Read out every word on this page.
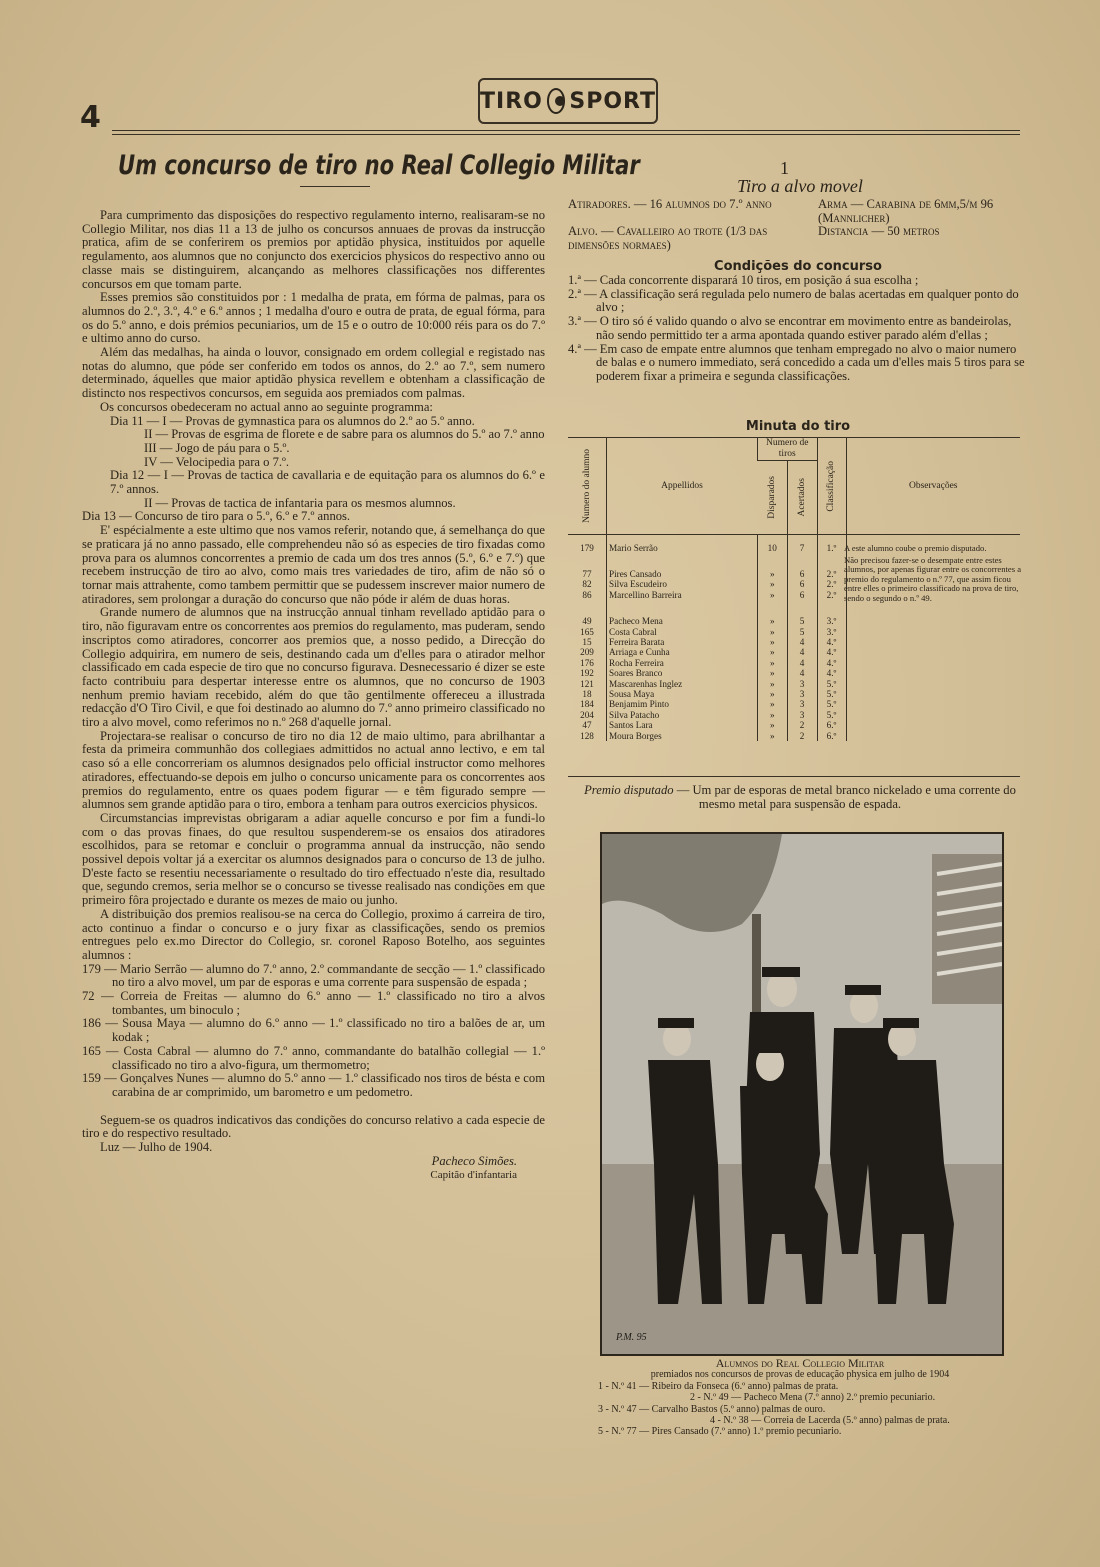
TIRO SPORT
4
Um concurso de tiro no Real Collegio Militar

Para cumprimento das disposições do respectivo regulamento interno, realisaram-se no Collegio Militar, nos dias 11 a 13 de julho os concursos annuaes de provas da instrucção pratica, afim de se conferirem os premios por aptidão physica, instituidos por aquelle regulamento, aos alumnos que no conjuncto dos exercicios physicos do respectivo anno ou classe mais se distinguirem, alcançando as melhores classificações nos differentes concursos em que tomam parte.

Esses premios são constituidos por : 1 medalha de prata, em fórma de palmas, para os alumnos do 2.º, 3.º, 4.º e 6.º annos ; 1 medalha d'ouro e outra de prata, de egual fórma, para os do 5.º anno, e dois prémios pecuniarios, um de 15 e o outro de 10:000 réis para os do 7.º e ultimo anno do curso.

Além das medalhas, ha ainda o louvor, consignado em ordem collegial e registado nas notas do alumno, que póde ser conferido em todos os annos, do 2.º ao 7.º, sem numero determinado, áquelles que maior aptidão physica revellem e obtenham a classificação de distincto nos respectivos concursos, em seguida aos premiados com palmas.

Os concursos obedeceram no actual anno ao seguinte programma:

Dia 11 — I — Provas de gymnastica para os alumnos do 2.º ao 5.º anno.

II — Provas de esgrima de florete e de sabre para os alumnos do 5.º ao 7.º anno

III — Jogo de páu para o 5.º.

IV — Velocipedia para o 7.º.

Dia 12 — I — Provas de tactica de cavallaria e de equitação para os alumnos do 6.º e 7.º annos.

II — Provas de tactica de infantaria para os mesmos alumnos.

Dia 13 — Concurso de tiro para o 5.º, 6.º e 7.º annos.

E' espécialmente a este ultimo que nos vamos referir, notando que, á semelhança do que se praticara já no anno passado, elle comprehendeu não só as especies de tiro fixadas como prova para os alumnos concorrentes a premio de cada um dos tres annos (5.º, 6.º e 7.º) que recebem instrucção de tiro ao alvo, como mais tres variedades de tiro, afim de não só o tornar mais attrahente, como tambem permittir que se pudessem inscrever maior numero de atiradores, sem prolongar a duração do concurso que não póde ir além de duas horas.

Grande numero de alumnos que na instrucção annual tinham revellado aptidão para o tiro, não figuravam entre os concorrentes aos premios do regulamento, mas puderam, sendo inscriptos como atiradores, concorrer aos premios que, a nosso pedido, a Direcção do Collegio adquirira, em numero de seis, destinando cada um d'elles para o atirador melhor classificado em cada especie de tiro que no concurso figurava. Desnecessario é dizer se este facto contribuiu para despertar interesse entre os alumnos, que no concurso de 1903 nenhum premio haviam recebido, além do que tão gentilmente offereceu a illustrada redacção d'O Tiro Civil, e que foi destinado ao alumno do 7.º anno primeiro classificado no tiro a alvo movel, como referimos no n.º 268 d'aquelle jornal.

Projectara-se realisar o concurso de tiro no dia 12 de maio ultimo, para abrilhantar a festa da primeira communhão dos collegiaes admittidos no actual anno lectivo, e em tal caso só a elle concorreriam os alumnos designados pelo official instructor como melhores atiradores, effectuando-se depois em julho o concurso unicamente para os concorrentes aos premios do regulamento, entre os quaes podem figurar — e têm figurado sempre — alumnos sem grande aptidão para o tiro, embora a tenham para outros exercicios physicos.

Circumstancias imprevistas obrigaram a adiar aquelle concurso e por fim a fundi-lo com o das provas finaes, do que resultou suspenderem-se os ensaios dos atiradores escolhidos, para se retomar e concluir o programma annual da instrucção, não sendo possivel depois voltar já a exercitar os alumnos designados para o concurso de 13 de julho. D'este facto se resentiu necessariamente o resultado do tiro effectuado n'este dia, resultado que, segundo cremos, seria melhor se o concurso se tivesse realisado nas condições em que primeiro fôra projectado e durante os mezes de maio ou junho.

A distribuição dos premios realisou-se na cerca do Collegio, proximo á carreira de tiro, acto continuo a findar o concurso e o jury fixar as classificações, sendo os premios entregues pelo ex.mo Director do Collegio, sr. coronel Raposo Botelho, aos seguintes alumnos :

179 — Mario Serrão — alumno do 7.º anno, 2.º commandante de secção — 1.º classificado no tiro a alvo movel, um par de esporas e uma corrente para suspensão de espada ;

72 — Correia de Freitas — alumno do 6.º anno — 1.º classificado no tiro a alvos tombantes, um binoculo ;

186 — Sousa Maya — alumno do 6.º anno — 1.º classificado no tiro a balões de ar, um kodak ;

165 — Costa Cabral — alumno do 7.º anno, commandante do batalhão collegial — 1.º classificado no tiro a alvo-figura, um thermometro;

159 — Gonçalves Nunes — alumno do 5.º anno — 1.º classificado nos tiros de bésta e com carabina de ar comprimido, um barometro e um pedometro.

Seguem-se os quadros indicativos das condições do concurso relativo a cada especie de tiro e do respectivo resultado.

Luz — Julho de 1904.

Pacheco Simões.

Capitão d'infantaria

1
Tiro a alvo movel
Atiradores. — 16 alumnos do 7.º anno	Arma — Carabina de 6mm,5/m 96 (Mannlicher)
Alvo. — Cavalleiro ao trote (1/3 das dimensões normaes)
Distancia — 50 metros
Condições do concurso

1.ª — Cada concorrente disparará 10 tiros, em posição á sua escolha ;

2.ª — A classificação será regulada pelo numero de balas acertadas em qualquer ponto do alvo ;

3.ª — O tiro só é valido quando o alvo se encontrar em movimento entre as bandeirolas, não sendo permittido ter a arma apontada quando estiver parado além d'ellas ;

4.ª — Em caso de empate entre alumnos que tenham empregado no alvo o maior numero de balas e o numero immediato, será concedido a cada um d'elles mais 5 tiros para se poderem fixar a primeira e segunda classificações.

Minuta do tiro
Numero do alumno	Appellidos	Numero de tiros		Classificação	Observações

		Disparados	Acertados		

179	Mario Serrão	10	7	1.º	

77	Pires Cansado	»	6	2.º	
82	Silva Escudeiro	»	6	2.º	
86	Marcellino Barreira	»	6	2.º	

49	Pacheco Mena	»	5	3.º	
165	Costa Cabral	»	5	3.º	
15	Ferreira Barata	»	4	4.º	
209	Arriaga e Cunha	»	4	4.º	
176	Rocha Ferreira	»	4	4.º	
192	Soares Branco	»	4	4.º	
121	Mascarenhas Inglez	»	3	5.º	
18	Sousa Maya	»	3	5.º	
184	Benjamim Pinto	»	3	5.º	
204	Silva Patacho	»	3	5.º	
47	Santos Lara	»	2	6.º	
128	Moura Borges	»	2	6.º	
A este alumno coube o premio disputado.
Não precisou fazer-se o desempate entre estes alumnos, por apenas figurar entre os concorrentes a premio do regulamento o n.º 77, que assim ficou entre elles o primeiro classificado na prova de tiro, sendo o segundo o n.º 49.
Premio disputado — Um par de esporas de metal branco nickelado e uma corrente do mesmo metal para suspensão de espada.
P.M. 95
Alumnos do Real Collegio Militar
premiados nos concursos de provas de educação physica em julho de 1904
1 - N.º 41 — Ribeiro da Fonseca (6.º anno) palmas de prata.
2 - N.º 49 — Pacheco Mena (7.º anno) 2.º premio pecuniario.
3 - N.º 47 — Carvalho Bastos (5.º anno) palmas de ouro.
4 - N.º 38 — Correia de Lacerda (5.º anno) palmas de prata.
5 - N.º 77 — Pires Cansado (7.º anno) 1.º premio pecuniario.
